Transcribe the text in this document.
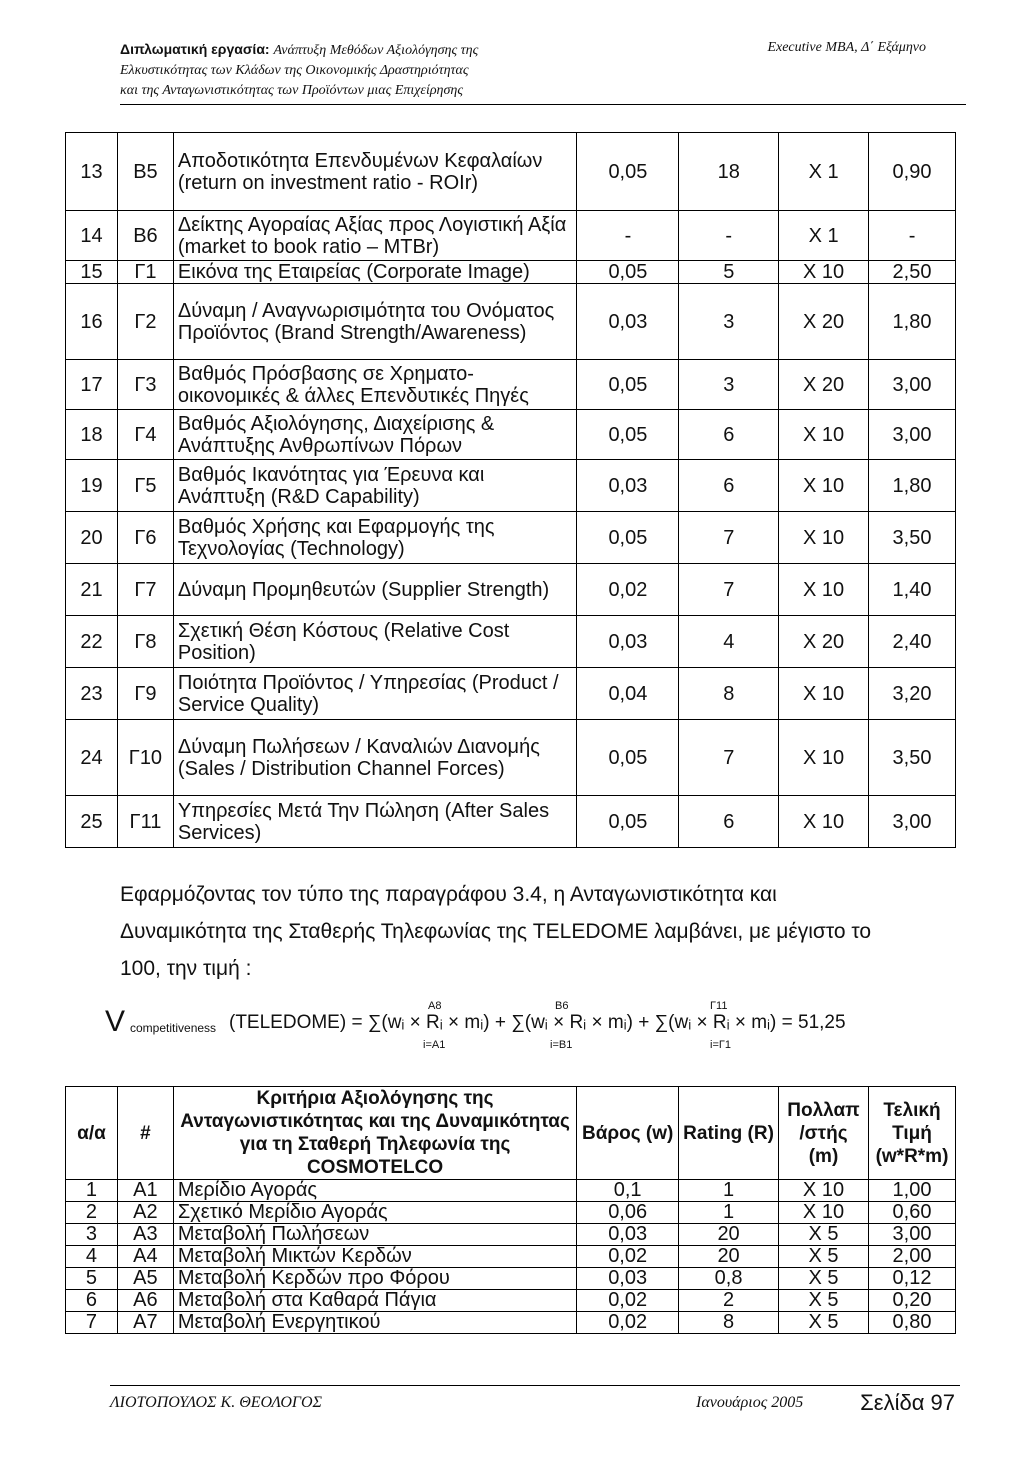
Διπλωματική εργασία: Ανάπτυξη Μεθόδων Αξιολόγησης της
Ελκυστικότητας των Κλάδων της Οικονομικής Δραστηριότητας
και της Ανταγωνιστικότητας των Προϊόντων μιας Επιχείρησης
Executive MBA, Δ΄ Εξάμηνο
13	Β5	Αποδοτικότητα Επενδυμένων Κεφαλαίων (return on investment ratio - ROIr)	0,05	18	Χ 1	0,90
14	Β6	Δείκτης Αγοραίας Αξίας προς Λογιστική Αξία (market to book ratio – MTBr)	-	-	Χ 1	-
15	Γ1	Εικόνα της Εταιρείας (Corporate Image)	0,05	5	Χ 10	2,50
16	Γ2	Δύναμη / Αναγνωρισιμότητα του Ονόματος Προϊόντος (Brand Strength/Awareness)	0,03	3	Χ 20	1,80
17	Γ3	Βαθμός Πρόσβασης σε Χρηματο-οικονομικές & άλλες Επενδυτικές Πηγές	0,05	3	Χ 20	3,00
18	Γ4	Βαθμός Αξιολόγησης, Διαχείρισης & Ανάπτυξης Ανθρωπίνων Πόρων	0,05	6	Χ 10	3,00
19	Γ5	Βαθμός Ικανότητας για Έρευνα και Ανάπτυξη (R&D Capability)	0,03	6	Χ 10	1,80
20	Γ6	Βαθμός Χρήσης και Εφαρμογής της Τεχνολογίας (Technology)	0,05	7	Χ 10	3,50
21	Γ7	Δύναμη Προμηθευτών (Supplier Strength)	0,02	7	Χ 10	1,40
22	Γ8	Σχετική Θέση Κόστους (Relative Cost Position)	0,03	4	Χ 20	2,40
23	Γ9	Ποιότητα Προϊόντος / Υπηρεσίας (Product / Service Quality)	0,04	8	Χ 10	3,20
24	Γ10	Δύναμη Πωλήσεων / Καναλιών Διανομής (Sales / Distribution Channel Forces)	0,05	7	Χ 10	3,50
25	Γ11	Υπηρεσίες Μετά Την Πώληση (After Sales Services)	0,05	6	Χ 10	3,00
Εφαρμόζοντας τον τύπο της παραγράφου 3.4, η Ανταγωνιστικότητα και Δυναμικότητα της Σταθερής Τηλεφωνίας της TELEDOME λαμβάνει, με μέγιστο το 100, την τιμή :
V competitiveness (TELEDOME) = ∑(wᵢ × Rᵢ × mᵢ) + ∑(wᵢ × Rᵢ × mᵢ) + ∑(wᵢ × Rᵢ × mᵢ) = 51,25
A8
i=A1
B6
i=B1
Γ11
i=Γ1
α/α	#	Κριτήρια Αξιολόγησης της Ανταγωνιστικότητας και της Δυναμικότητας για τη Σταθερή Τηλεφωνία της COSMOTELCO	Βάρος (w)	Rating (R)	Πολλαπ /στής (m)	Τελική Τιμή (w*R*m)
1	Α1	Μερίδιο Αγοράς	0,1	1	Χ 10	1,00
2	Α2	Σχετικό Μερίδιο Αγοράς	0,06	1	Χ 10	0,60
3	Α3	Μεταβολή Πωλήσεων	0,03	20	Χ 5	3,00
4	Α4	Μεταβολή Μικτών Κερδών	0,02	20	Χ 5	2,00
5	Α5	Μεταβολή Κερδών προ Φόρου	0,03	0,8	Χ 5	0,12
6	Α6	Μεταβολή στα Καθαρά Πάγια	0,02	2	Χ 5	0,20
7	Α7	Μεταβολή Ενεργητικού	0,02	8	Χ 5	0,80
ΛΙΟΤΟΠΟΥΛΟΣ Κ. ΘΕΟΛΟΓΟΣ	Ιανουάριος 2005	Σελίδα 97
